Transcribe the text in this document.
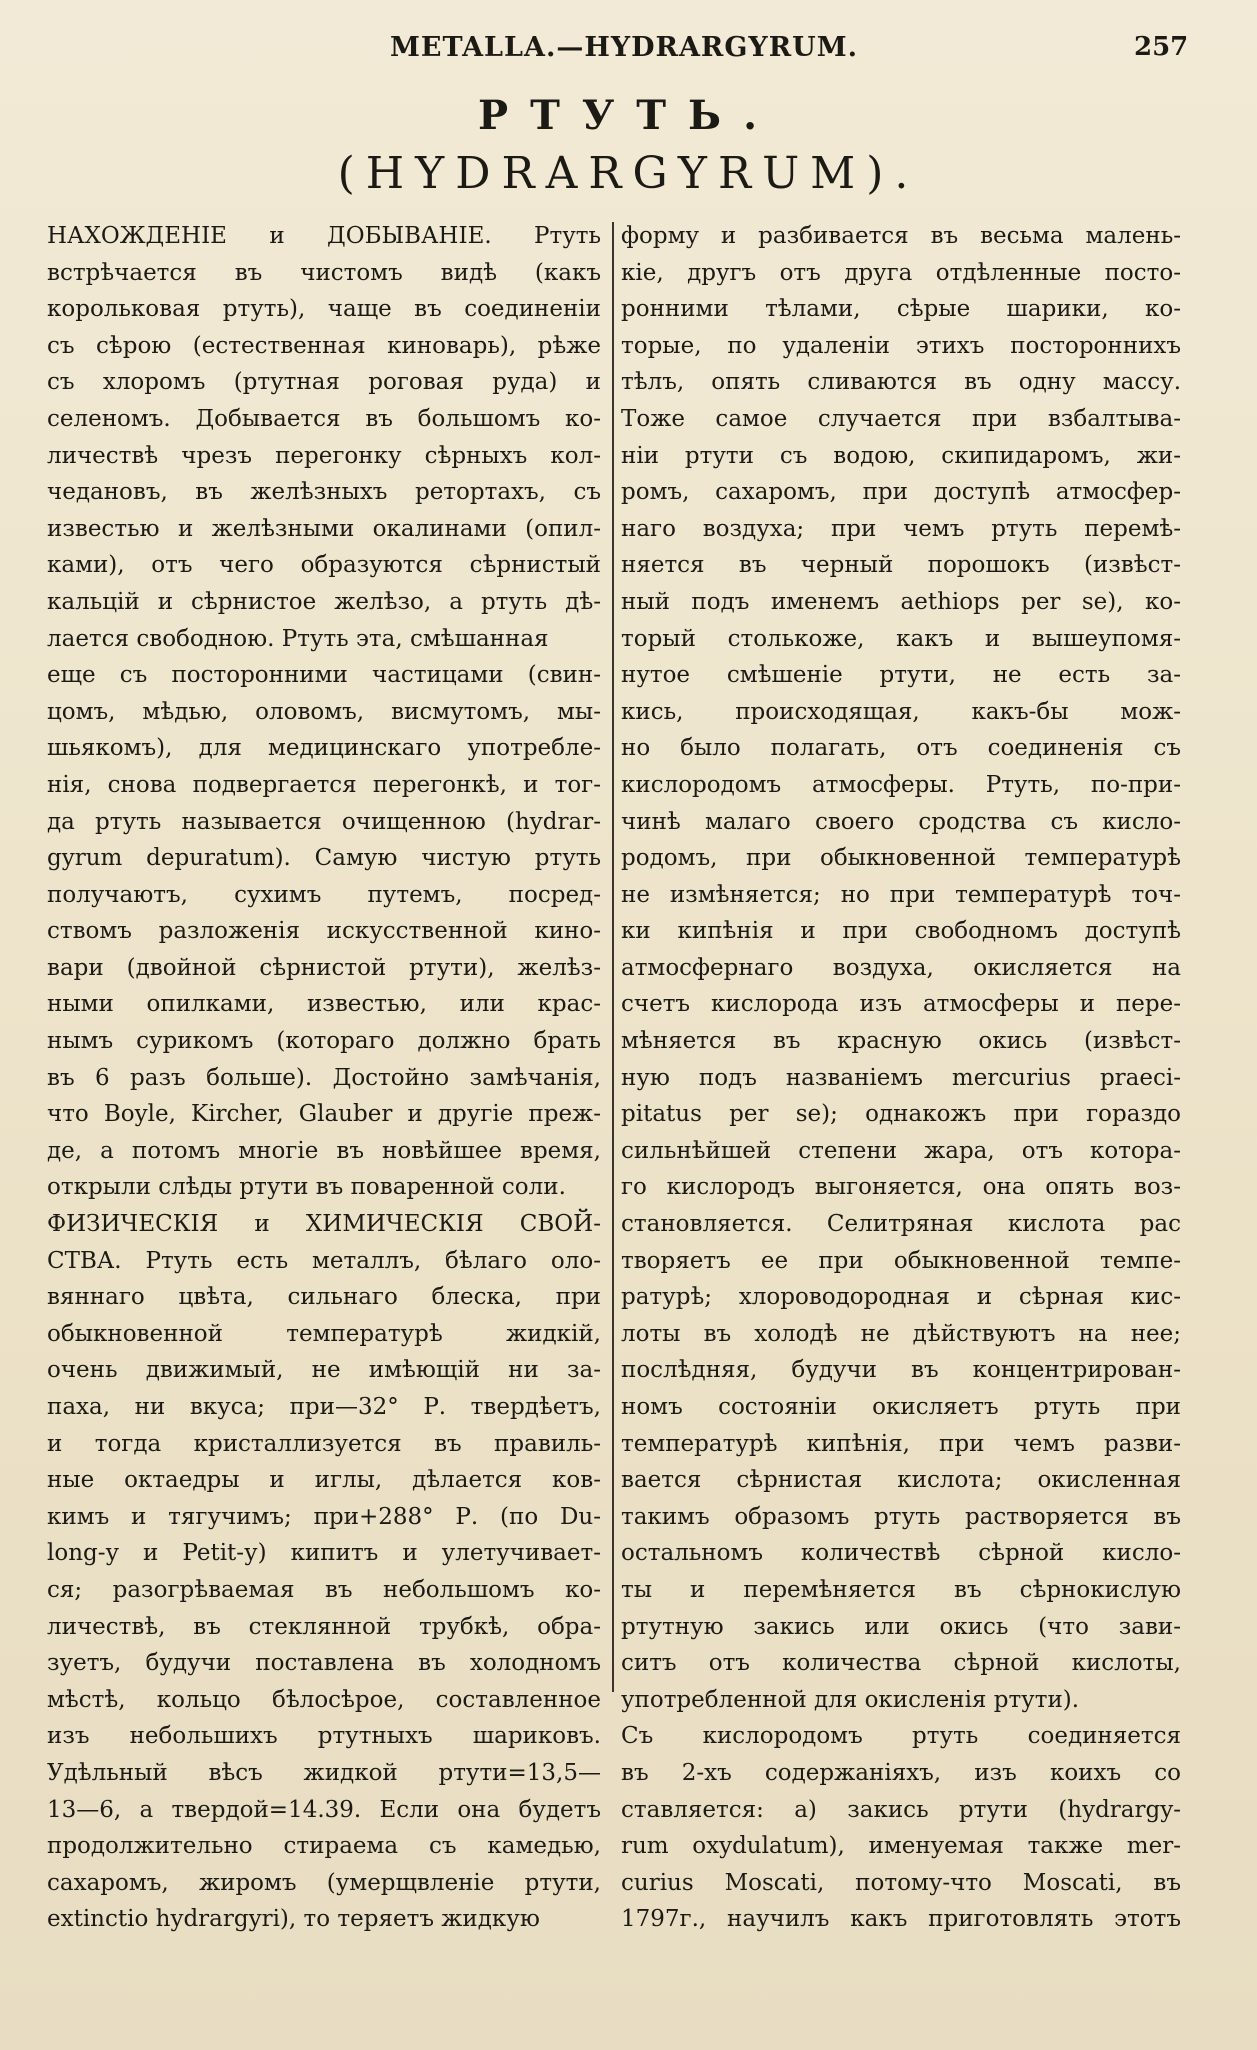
METALLA.—HYDRARGYRUM.	257
РТУТЬ.
(HYDRARGYRUM).
НАХОЖДЕНІЕ и ДОБЫВАНІЕ. Ртуть
встрѣчается въ чистомъ видѣ (какъ
корольковая ртуть), чаще въ соединеніи
съ сѣрою (естественная киноварь), рѣже
съ хлоромъ (ртутная роговая руда) и
селеномъ. Добывается въ большомъ ко-
личествѣ чрезъ перегонку сѣрныхъ кол-
чедановъ, въ желѣзныхъ ретортахъ, съ
известью и желѣзными окалинами (опил-
ками), отъ чего образуются сѣрнистый
кальцій и сѣрнистое желѣзо, а ртуть дѣ-
лается свободною. Ртуть эта, смѣшанная
еще съ посторонними частицами (свин-
цомъ, мѣдью, оловомъ, висмутомъ, мы-
шьякомъ), для медицинскаго употребле-
нія, снова подвергается перегонкѣ, и тог-
да ртуть называется очищенною (hydrar-
gyrum depuratum). Самую чистую ртуть
получаютъ, сухимъ путемъ, посред-
ствомъ разложенія искусственной кино-
вари (двойной сѣрнистой ртути), желѣз-
ными опилками, известью, или крас-
нымъ сурикомъ (котораго должно брать
въ 6 разъ больше). Достойно замѣчанія,
что Boyle, Kircher, Glauber и другіе преж-
де, а потомъ многіе въ новѣйшее время,
открыли слѣды ртути въ поваренной соли.
ФИЗИЧЕСКІЯ и ХИМИЧЕСКІЯ СВОЙ-
СТВА. Ртуть есть металлъ, бѣлаго оло-
вяннаго цвѣта, сильнаго блеска, при
обыкновенной температурѣ жидкій,
очень движимый, не имѣющій ни за-
паха, ни вкуса; при—32° Р. твердѣетъ,
и тогда кристаллизуется въ правиль-
ные октаедры и иглы, дѣлается ков-
кимъ и тягучимъ; при+288° Р. (по Du-
long-у и Petit-у) кипитъ и улетучивает-
ся; разогрѣваемая въ небольшомъ ко-
личествѣ, въ стеклянной трубкѣ, обра-
зуетъ, будучи поставлена въ холодномъ
мѣстѣ, кольцо бѣлосѣрое, составленное
изъ небольшихъ ртутныхъ шариковъ.
Удѣльный вѣсъ жидкой ртути=13,5—
13—6, а твердой=14.39. Если она будетъ
продолжительно стираема съ камедью,
сахаромъ, жиромъ (умерщвленіе ртути,
extinctio hydrargyri), то теряетъ жидкую
форму и разбивается въ весьма малень-
кіе, другъ отъ друга отдѣленные посто-
ронними тѣлами, сѣрые шарики, ко-
торые, по удаленіи этихъ постороннихъ
тѣлъ, опять сливаются въ одну массу.
Тоже самое случается при взбалтыва-
ніи ртути съ водою, скипидаромъ, жи-
ромъ, сахаромъ, при доступѣ атмосфер-
наго воздуха; при чемъ ртуть перемѣ-
няется въ черный порошокъ (извѣст-
ный подъ именемъ aethiops per se), ко-
торый столькоже, какъ и вышеупомя-
нутое смѣшеніе ртути, не есть за-
кись, происходящая, какъ-бы мож-
но было полагать, отъ соединенія съ
кислородомъ атмосферы. Ртуть, по-при-
чинѣ малаго своего сродства съ кисло-
родомъ, при обыкновенной температурѣ
не измѣняется; но при температурѣ точ-
ки кипѣнія и при свободномъ доступѣ
атмосфернаго воздуха, окисляется на
счетъ кислорода изъ атмосферы и пере-
мѣняется въ красную окись (извѣст-
ную подъ названіемъ mercurius praeci-
pitatus per se); однакожъ при гораздо
сильнѣйшей степени жара, отъ котора-
го кислородъ выгоняется, она опять воз-
становляется. Селитряная кислота рас
творяетъ ее при обыкновенной темпе-
ратурѣ; хлороводородная и сѣрная кис-
лоты въ холодѣ не дѣйствуютъ на нее;
послѣдняя, будучи въ концентрирован-
номъ состояніи окисляетъ ртуть при
температурѣ кипѣнія, при чемъ разви-
вается сѣрнистая кислота; окисленная
такимъ образомъ ртуть растворяется въ
остальномъ количествѣ сѣрной кисло-
ты и перемѣняется въ сѣрнокислую
ртутную закись или окись (что зави-
ситъ отъ количества сѣрной кислоты,
употребленной для окисленія ртути).
Съ кислородомъ ртуть соединяется
въ 2-хъ содержаніяхъ, изъ коихъ со
ставляется: а) закись ртути (hydrargy-
rum oxydulatum), именуемая также mer-
curius Moscati, потому-что Moscati, въ
1797г., научилъ какъ приготовлять этотъ
